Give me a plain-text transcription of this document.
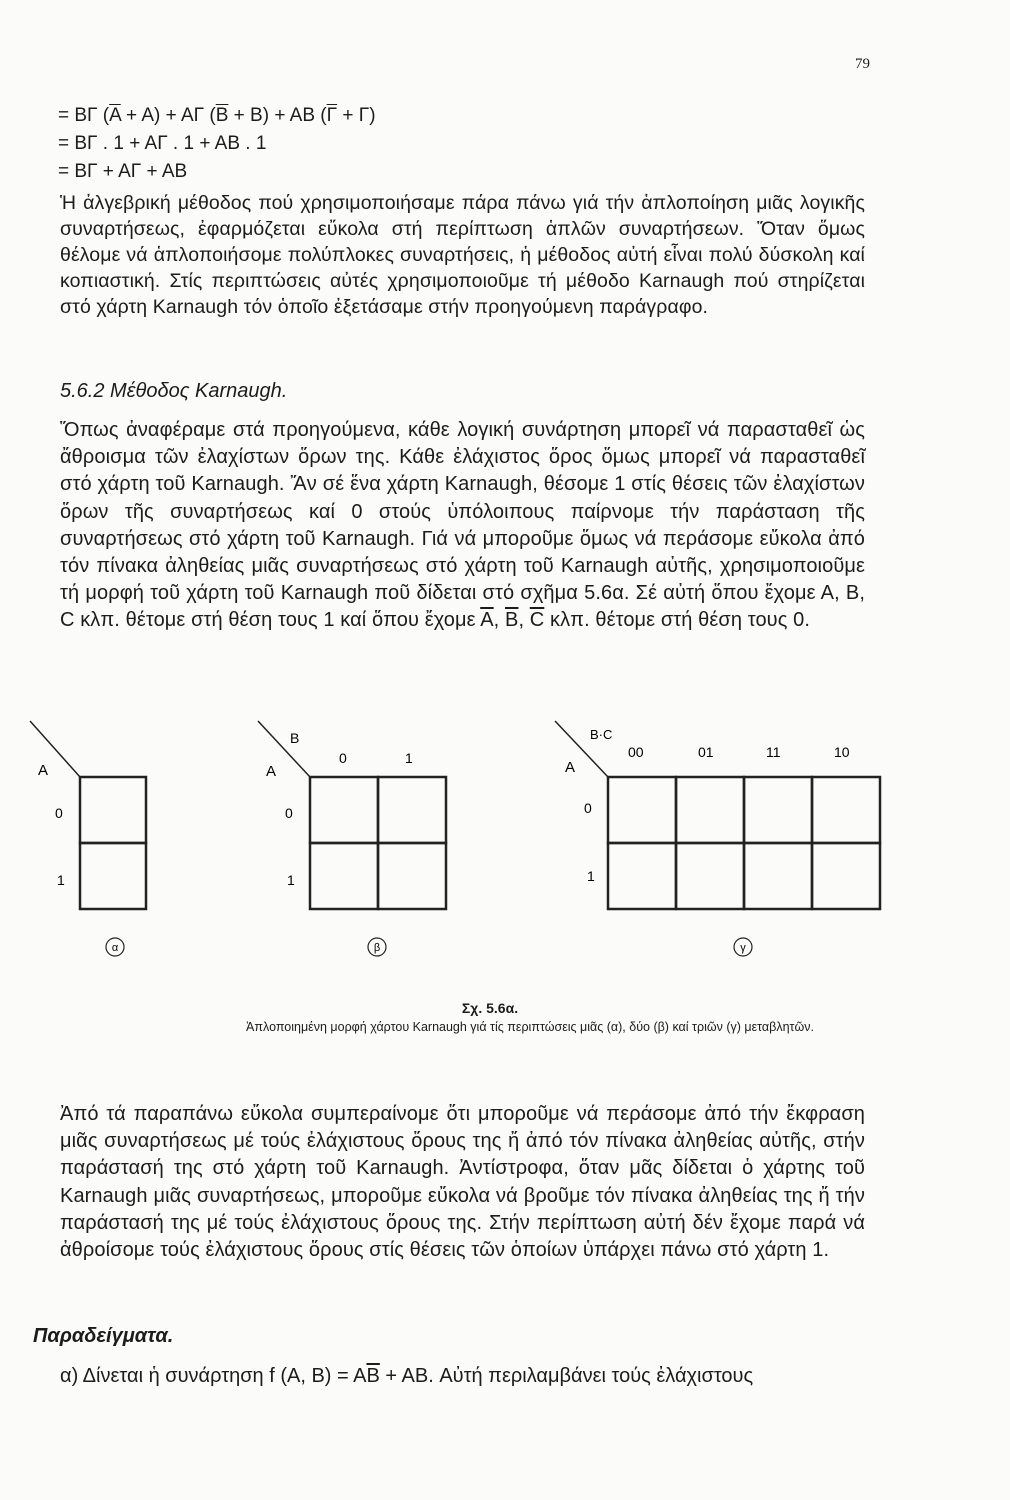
79
= ΒΓ $(\overline{A} + A) + A\Gamma$ $(\overline{B} + B) + AB$ $(\overline{\Gamma} + \Gamma)$
= ΒΓ . 1 + ΑΓ . 1 + ΑΒ . 1
= ΒΓ + ΑΓ + ΑΒ
Ἡ ἀλγεβρική μέθοδος πού χρησιμοποιήσαμε πάρα πάνω γιά τήν ἁπλοποίηση μιᾶς λογικῆς συναρτήσεως, ἐφαρμόζεται εὔκολα στή περίπτωση ἁπλῶν συναρτήσεων. Ὅταν ὅμως θέλομε νά ἁπλοποιήσομε πολύπλοκες συναρτήσεις, ἡ μέθοδος αὐτή εἶναι πολύ δύσκολη καί κοπιαστική. Στίς περιπτώσεις αὐτές χρησιμοποιοῦμε τή μέθοδο Karnaugh πού στηρίζεται στό χάρτη Karnaugh τόν ὁποῖο ἐξετάσαμε στήν προηγούμενη παράγραφο.
5.6.2 Μέθοδος Karnaugh.
Ὅπως ἀναφέραμε στά προηγούμενα, κάθε λογική συνάρτηση μπορεῖ νά παρασταθεῖ ὡς ἄθροισμα τῶν ἐλαχίστων ὅρων της. Κάθε ἐλάχιστος ὅρος ὅμως μπορεῖ νά παρασταθεῖ στό χάρτη τοῦ Karnaugh. Ἄν σέ ἕνα χάρτη Karnaugh, θέσομε 1 στίς θέσεις τῶν ἐλαχίστων ὅρων τῆς συναρτήσεως καί 0 στούς ὑπόλοιπους παίρνομε τήν παράσταση τῆς συναρτήσεως στό χάρτη τοῦ Karnaugh. Γιά νά μποροῦμε ὅμως νά περάσομε εὔκολα ἀπό τόν πίνακα ἀληθείας μιᾶς συναρτήσεως στό χάρτη τοῦ Karnaugh αὐτῆς, χρησιμοποιοῦμε τή μορφή τοῦ χάρτη τοῦ Karnaugh ποῦ δίδεται στό σχῆμα 5.6α. Σέ αὐτή ὅπου ἔχομε Α, Β, C κλπ. θέτομε στή θέση τους 1 καί ὅπου ἔχομε $\overline{A}$, $\overline{B}$, $\overline{C}$ κλπ. θέτομε στή θέση τους 0.
Α
0
1
α
Β
Α
0	1
0
1
β
Β·C
Α
00	01	11	10
0
1
γ
Σχ. 5.6α.
Ἁπλοποιημένη μορφή χάρτου Karnaugh γιά τίς περιπτώσεις μιᾶς (α), δύο (β) καί τριῶν (γ) μεταβλητῶν.
Ἀπό τά παραπάνω εὔκολα συμπεραίνομε ὅτι μποροῦμε νά περάσομε ἀπό τήν ἔκφραση μιᾶς συναρτήσεως μέ τούς ἐλάχιστους ὅρους της ἤ ἀπό τόν πίνακα ἀληθείας αὐτῆς, στήν παράστασή της στό χάρτη τοῦ Karnaugh. Ἀντίστροφα, ὅταν μᾶς δίδεται ὁ χάρτης τοῦ Karnaugh μιᾶς συναρτήσεως, μποροῦμε εὔκολα νά βροῦμε τόν πίνακα ἀληθείας της ἤ τήν παράστασή της μέ τούς ἐλάχιστους ὅρους της. Στήν περίπτωση αὐτή δέν ἔχομε παρά νά ἀθροίσομε τούς ἐλάχιστους ὅρους στίς θέσεις τῶν ὁποίων ὑπάρχει πάνω στό χάρτη 1.
Παραδείγματα.
α) Δίνεται ἡ συνάρτηση f (A, $B) = A\overline{B}$ + AB. Αὐτή περιλαμβάνει τούς ἐλάχιστους
